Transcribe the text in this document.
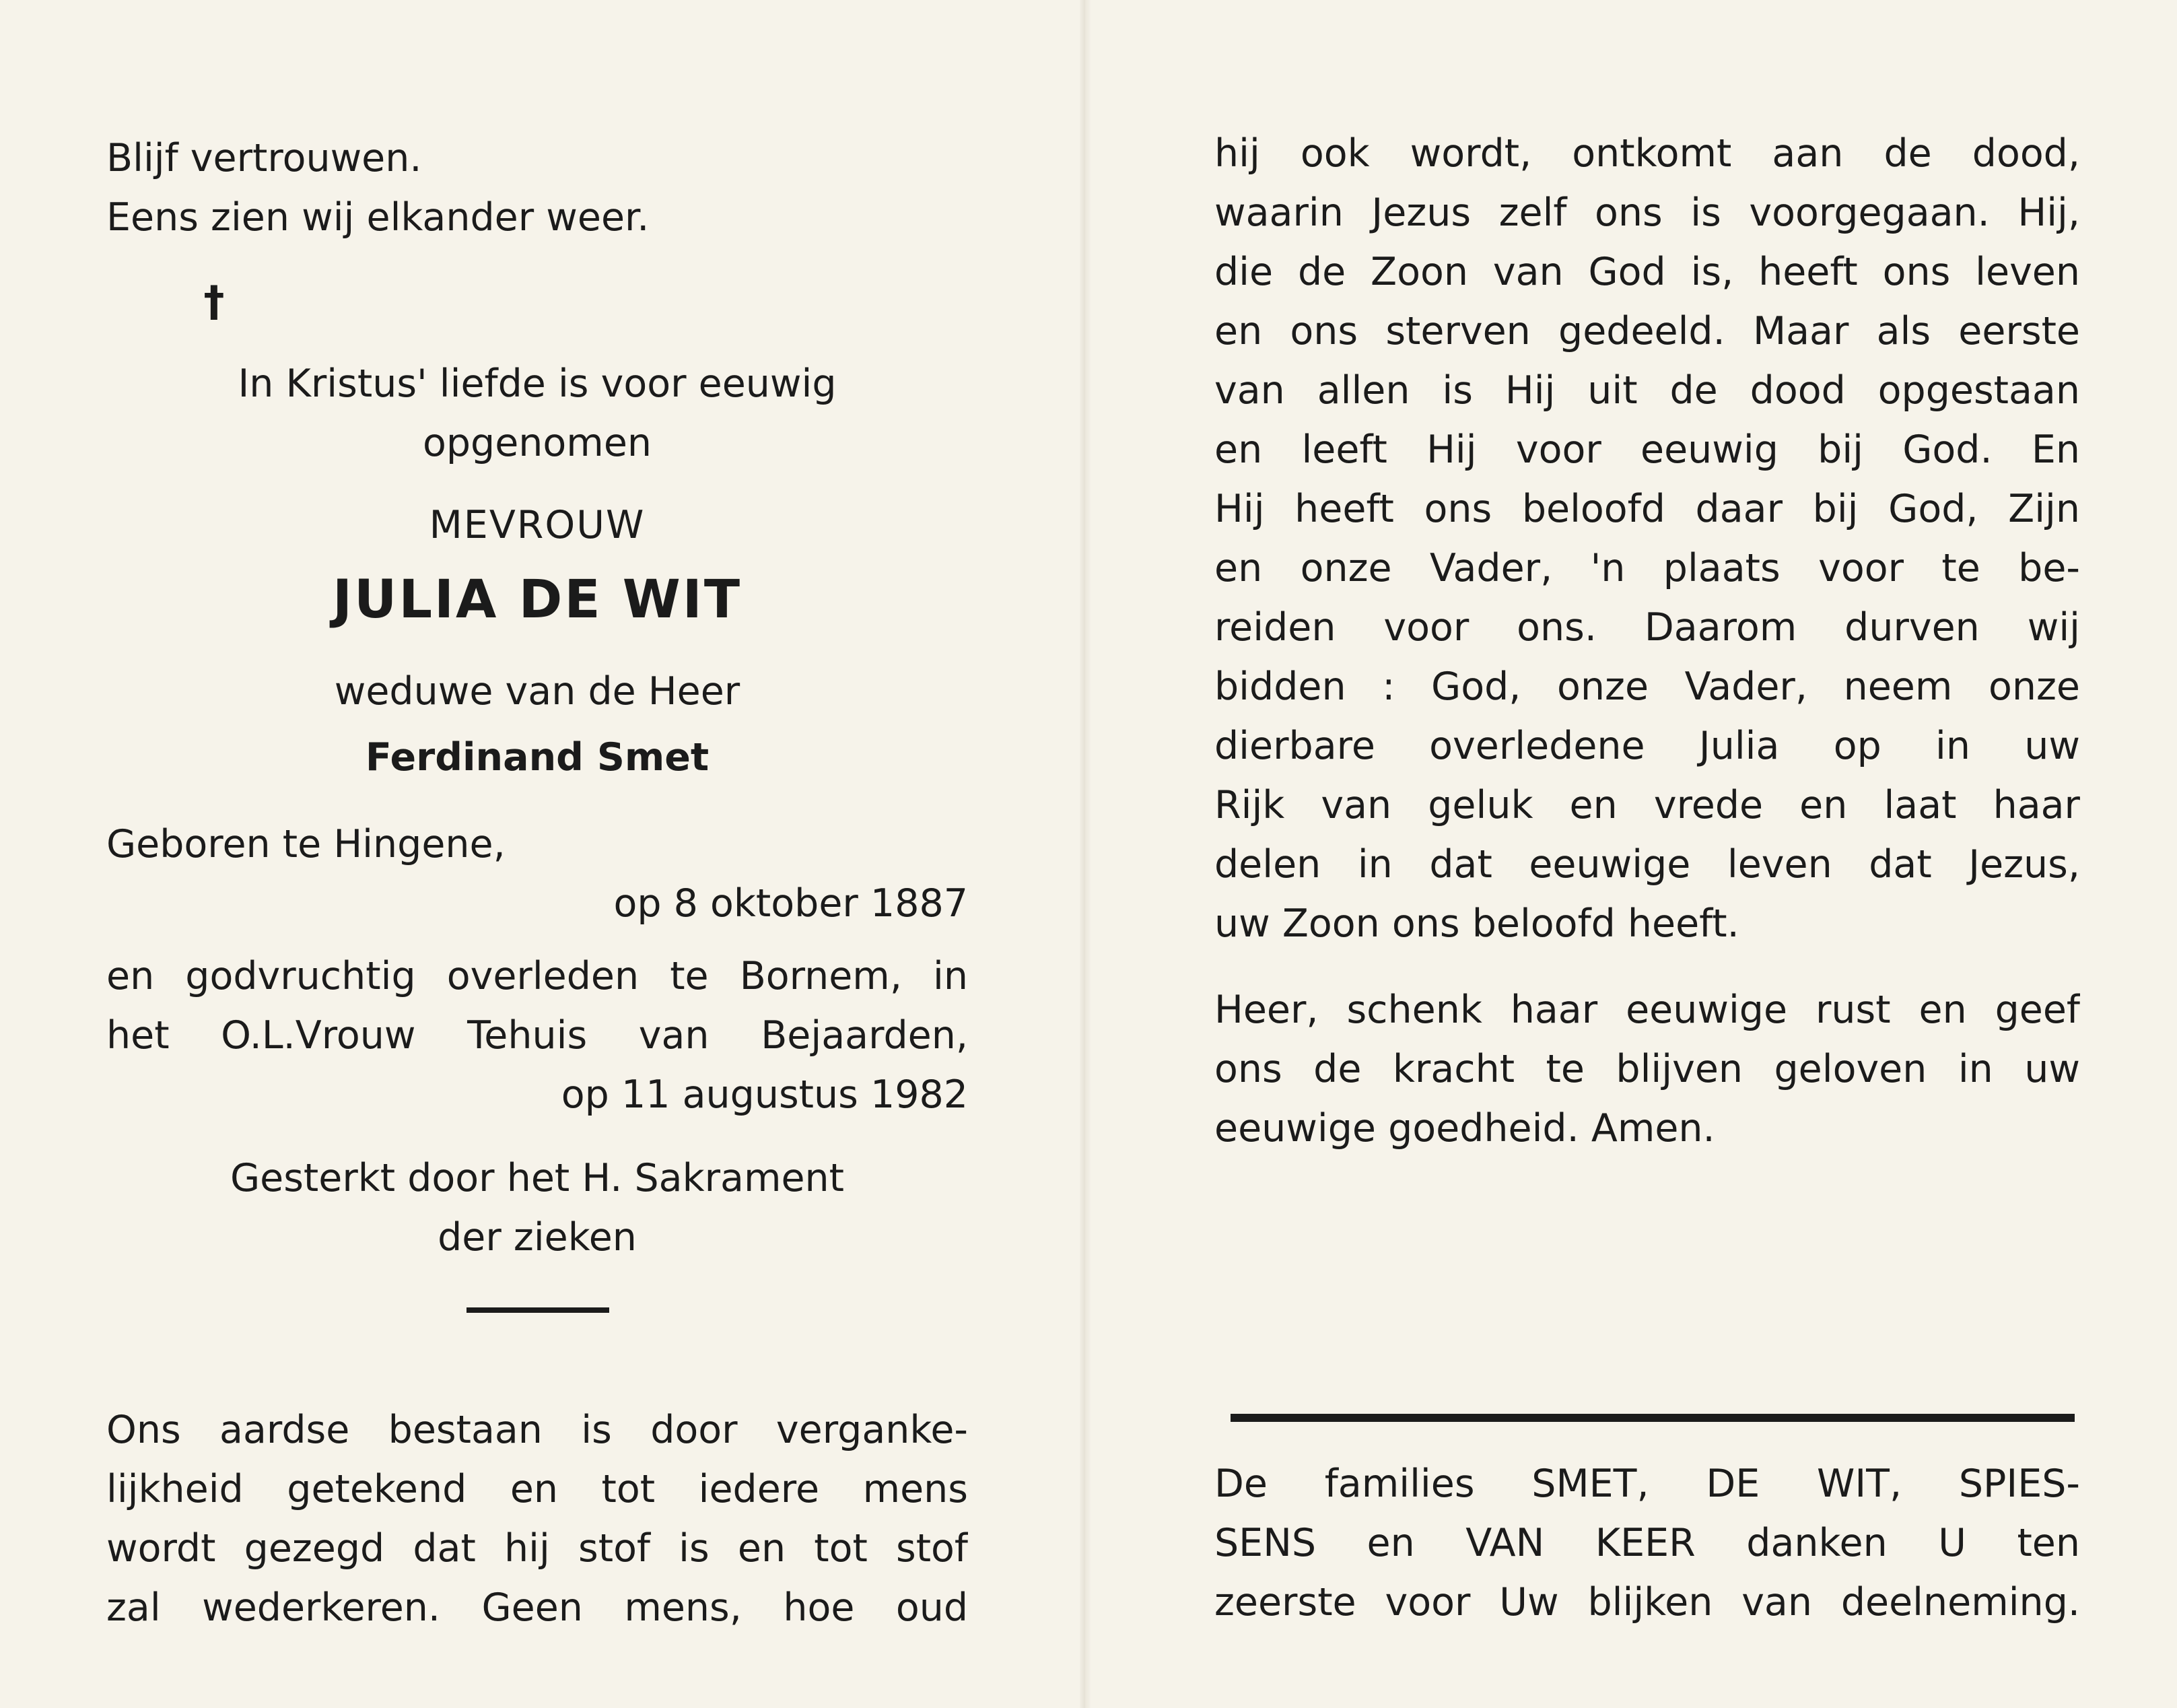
Blijf vertrouwen.
Eens zien wij elkander weer.
†
In Kristus' liefde is voor eeuwig
opgenomen
MEVROUW
JULIA DE WIT
weduwe van de Heer
Ferdinand Smet
Geboren te Hingene,
op 8 oktober 1887
en godvruchtig overleden te Bornem, in
het O.L.Vrouw Tehuis van Bejaarden,
op 11 augustus 1982
Gesterkt door het H. Sakrament
der zieken
Ons aardse bestaan is door verganke-
lijkheid getekend en tot iedere mens
wordt gezegd dat hij stof is en tot stof
zal wederkeren. Geen mens, hoe oud
hij ook wordt, ontkomt aan de dood,
waarin Jezus zelf ons is voorgegaan. Hij,
die de Zoon van God is, heeft ons leven
en ons sterven gedeeld. Maar als eerste
van allen is Hij uit de dood opgestaan
en leeft Hij voor eeuwig bij God. En
Hij heeft ons beloofd daar bij God, Zijn
en onze Vader, 'n plaats voor te be-
reiden voor ons. Daarom durven wij
bidden : God, onze Vader, neem onze
dierbare overledene Julia op in uw
Rijk van geluk en vrede en laat haar
delen in dat eeuwige leven dat Jezus,
uw Zoon ons beloofd heeft.
Heer, schenk haar eeuwige rust en geef
ons de kracht te blijven geloven in uw
eeuwige goedheid. Amen.
De families SMET, DE WIT, SPIES-
SENS en VAN KEER danken U ten
zeerste voor Uw blijken van deelneming.
